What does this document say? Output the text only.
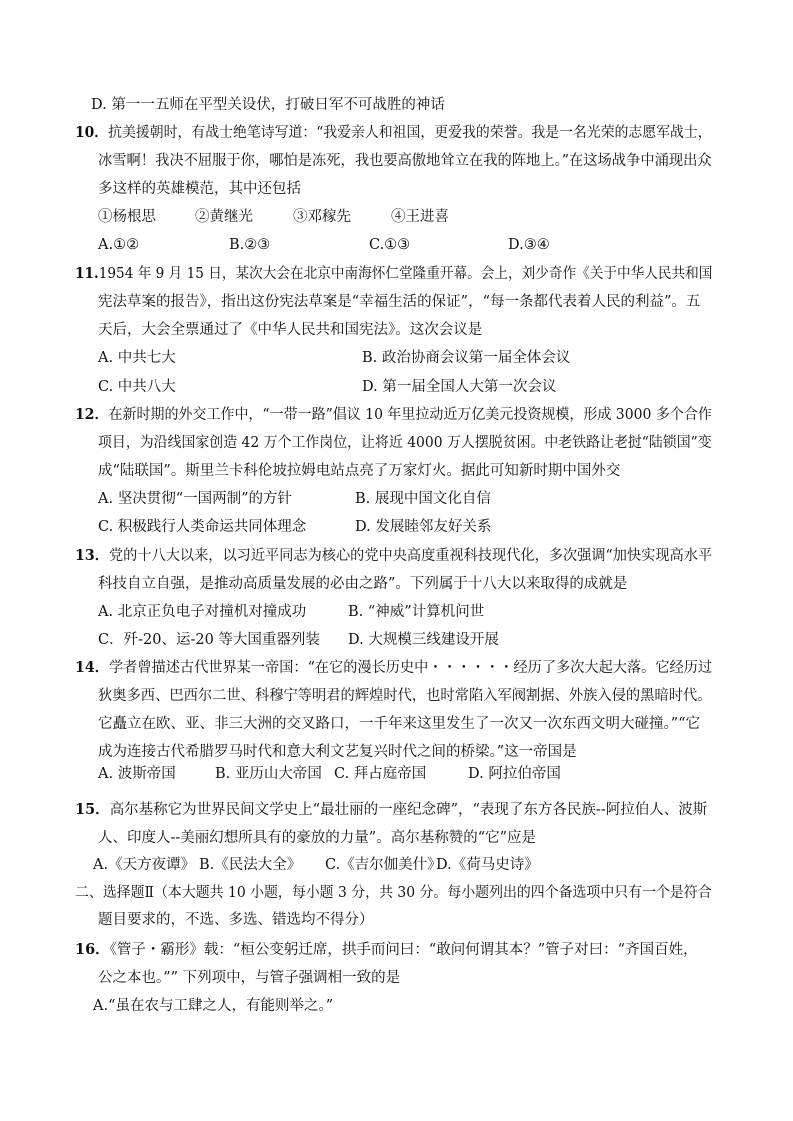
D. 第一一五师在平型关设伏，打破日军不可战胜的神话
10．抗美援朝时，有战士绝笔诗写道：“我爱亲人和祖国，更爱我的荣誉。我是一名光荣的志愿军战士，
冰雪啊！我决不屈服于你，哪怕是冻死，我也要高傲地耸立在我的阵地上。”在这场战争中涌现出众
多这样的英雄模范，其中还包括
①杨根思	②黄继光	③邓稼先	④王进喜
A.①②	B.②③	C.①③	D.③④
11.1954 年 9 月 15 日，某次大会在北京中南海怀仁堂隆重开幕。会上，刘少奇作《关于中华人民共和国
宪法草案的报告》，指出这份宪法草案是“幸福生活的保证”，“每一条都代表着人民的利益”。五
天后，大会全票通过了《中华人民共和国宪法》。这次会议是
A. 中共七大	B. 政治协商会议第一届全体会议
C. 中共八大	D. 第一届全国人大第一次会议
12．在新时期的外交工作中，“一带一路”倡议 10 年里拉动近万亿美元投资规模，形成 3000 多个合作
项目，为沿线国家创造 42 万个工作岗位，让将近 4000 万人摆脱贫困。中老铁路让老挝“陆锁国”变
成“陆联国”。斯里兰卡科伦坡拉姆电站点亮了万家灯火。据此可知新时期中国外交
A. 坚决贯彻“一国两制”的方针	B. 展现中国文化自信
C. 积极践行人类命运共同体理念	D. 发展睦邻友好关系
13．党的十八大以来，以习近平同志为核心的党中央高度重视科技现代化，多次强调“加快实现高水平
科技自立自强，是推动高质量发展的必由之路”。下列属于十八大以来取得的成就是
A. 北京正负电子对撞机对撞成功	B. “神威”计算机问世
C．歼-20、运-20 等大国重器列装 D. 大规模三线建设开展
14．学者曾描述古代世界某一帝国：“在它的漫长历史中・・・・・・经历了多次大起大落。它经历过
狄奥多西、巴西尔二世、科穆宁等明君的辉煌时代，也时常陷入军阀割据、外族入侵的黑暗时代。
它矗立在欧、亚、非三大洲的交叉路口，一千年来这里发生了一次又一次东西文明大碰撞。”“它
成为连接古代希腊罗马时代和意大利文艺复兴时代之间的桥梁。”这一帝国是
A. 波斯帝国	B. 亚历山大帝国 C. 拜占庭帝国	D. 阿拉伯帝国
15．高尔基称它为世界民间文学史上“最壮丽的一座纪念碑”，“表现了东方各民族--阿拉伯人、波斯
人、印度人--美丽幻想所具有的豪放的力量”。高尔基称赞的“它”应是
A.《天方夜谭》 B.《民法大全》 C.《吉尔伽美什》
D.《荷马史诗》
二、选择题Ⅱ（本大题共 10 小题，每小题 3 分，共 30 分。每小题列出的四个备选项中只有一个是符合
题目要求的，不选、多选、错选均不得分）
16．《管子・霸形》载：“桓公变躬迁席，拱手而问曰：“敢问何谓其本？”管子对曰：“齐国百姓，
公之本也。”” 下列项中，与管子强调相一致的是
A.“虽在农与工肆之人，有能则举之。”
